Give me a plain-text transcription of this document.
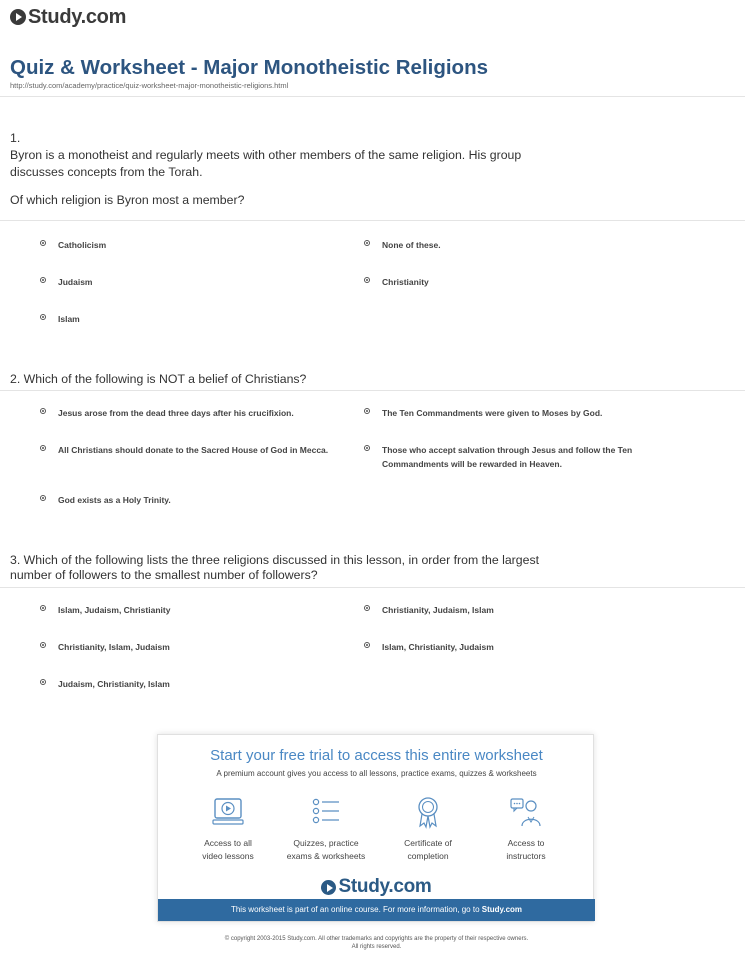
Study.com
Quiz & Worksheet - Major Monotheistic Religions
http://study.com/academy/practice/quiz-worksheet-major-monotheistic-religions.html
1.
Byron is a monotheist and regularly meets with other members of the same religion. His group
discusses concepts from the Torah.
Of which religion is Byron most a member?
Catholicism	None of these.
Judaism	Christianity
Islam
2. Which of the following is NOT a belief of Christians?
Jesus arose from the dead three days after his crucifixion.	The Ten Commandments were given to Moses by God.
All Christians should donate to the Sacred House of God in Mecca.	Those who accept salvation through Jesus and follow the Ten Commandments will be rewarded in Heaven.
God exists as a Holy Trinity.
3. Which of the following lists the three religions discussed in this lesson, in order from the largest
number of followers to the smallest number of followers?
Islam, Judaism, Christianity	Christianity, Judaism, Islam
Christianity, Islam, Judaism	Islam, Christianity, Judaism
Judaism, Christianity, Islam
Start your free trial to access this entire worksheet
A premium account gives you access to all lessons, practice exams, quizzes & worksheets
Access to all
video lessons
Quizzes, practice
exams & worksheets
Certificate of
completion
Access to
instructors
Study.com
This worksheet is part of an online course. For more information, go to Study.com
© copyright 2003-2015 Study.com. All other trademarks and copyrights are the property of their respective owners.
All rights reserved.
